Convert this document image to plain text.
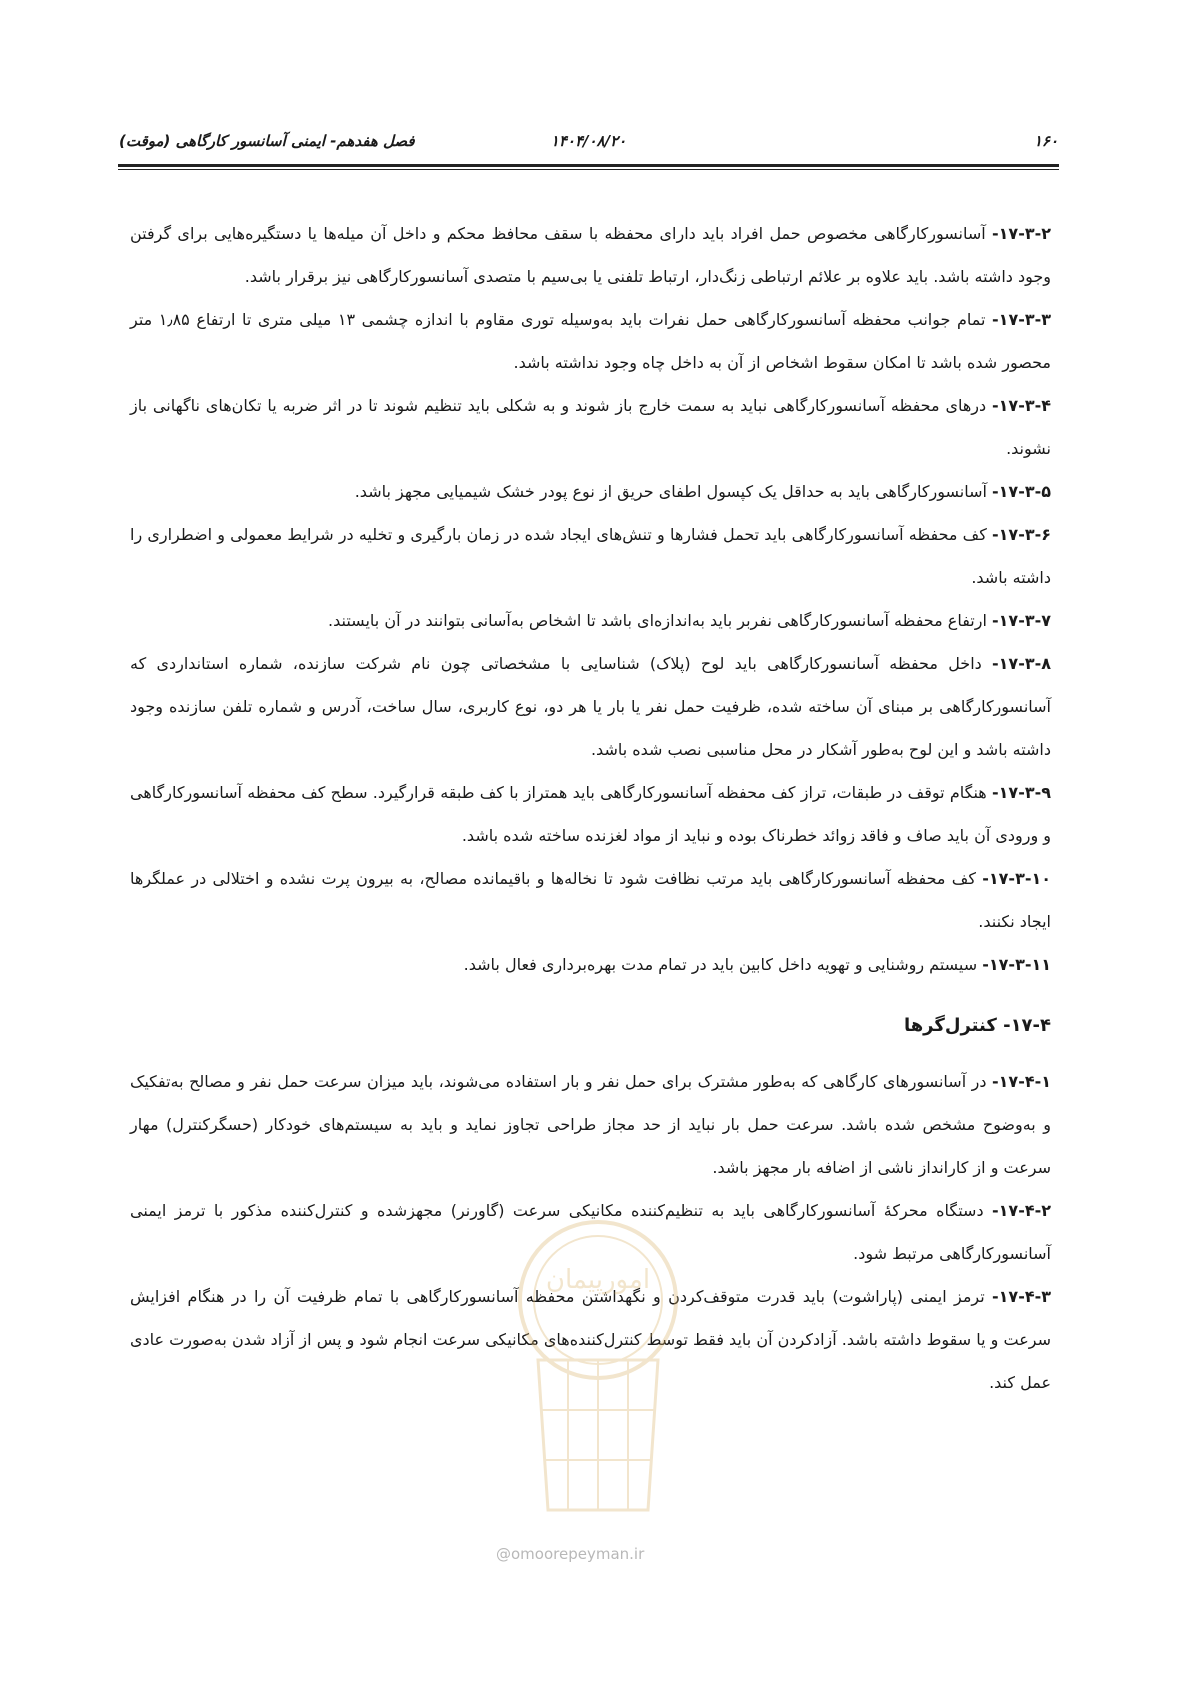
۱۶۰
۱۴۰۴/۰۸/۲۰
فصل هفدهم- ایمنی آسانسور کارگاهی (موقت)

۱۷-۳-۲- آسانسورکارگاهی مخصوص حمل افراد باید دارای محفظه با سقف محافظ محکم و داخل آن میله‌ها یا دستگیره‌هایی برای گرفتن وجود داشته باشد. باید علاوه بر علائم ارتباطی زنگ‌دار، ارتباط تلفنی یا بی‌سیم با متصدی آسانسورکارگاهی نیز برقرار باشد.

۱۷-۳-۳- تمام جوانب محفظه آسانسورکارگاهی حمل نفرات باید به‌وسیله توری مقاوم با اندازه چشمی ۱۳ میلی متری تا ارتفاع ۱٫۸۵ متر محصور شده باشد تا امکان سقوط اشخاص از آن به داخل چاه وجود نداشته باشد.

۱۷-۳-۴- درهای محفظه آسانسورکارگاهی نباید به سمت خارج باز شوند و به شکلی باید تنظیم شوند تا در اثر ضربه یا تکان‌های ناگهانی باز نشوند.

۱۷-۳-۵- آسانسورکارگاهی باید به حداقل یک کپسول اطفای حریق از نوع پودر خشک شیمیایی مجهز باشد.

۱۷-۳-۶- کف محفظه آسانسورکارگاهی باید تحمل فشارها و تنش‌های ایجاد شده در زمان بارگیری و تخلیه در شرایط معمولی و اضطراری را داشته باشد.

۱۷-۳-۷- ارتفاع محفظه آسانسورکارگاهی نفربر باید به‌اندازه‌ای باشد تا اشخاص به‌آسانی بتوانند در آن بایستند.

۱۷-۳-۸- داخل محفظه آسانسورکارگاهی باید لوح (پلاک) شناسایی با مشخصاتی چون نام شرکت سازنده، شماره استانداردی که آسانسورکارگاهی بر مبنای آن ساخته شده، ظرفیت حمل نفر یا بار یا هر دو، نوع کاربری، سال ساخت، آدرس و شماره تلفن سازنده وجود داشته باشد و این لوح به‌طور آشکار در محل مناسبی نصب شده باشد.

۱۷-۳-۹- هنگام توقف در طبقات، تراز کف محفظه آسانسورکارگاهی باید همتراز با کف طبقه قرارگیرد. سطح کف محفظه آسانسورکارگاهی و ورودی آن باید صاف و فاقد زوائد خطرناک بوده و نباید از مواد لغزنده ساخته شده باشد.

۱۷-۳-۱۰- کف محفظه آسانسورکارگاهی باید مرتب نظافت شود تا نخاله‌ها و باقیمانده مصالح، به بیرون پرت نشده و اختلالی در عملگرها ایجاد نکنند.

۱۷-۳-۱۱- سیستم روشنایی و تهویه داخل کابین باید در تمام مدت بهره‌برداری فعال باشد.

۱۷-۴- کنترل‌گرها

۱۷-۴-۱- در آسانسورهای کارگاهی که به‌طور مشترک برای حمل نفر و بار استفاده می‌شوند، باید میزان سرعت حمل نفر و مصالح به‌تفکیک و به‌وضوح مشخص شده باشد. سرعت حمل بار نباید از حد مجاز طراحی تجاوز نماید و باید به سیستم‌های خودکار (حسگرکنترل) مهار سرعت و از کارانداز ناشی از اضافه بار مجهز باشد.

۱۷-۴-۲- دستگاه محرکهٔ آسانسورکارگاهی باید به تنظیم‌کننده مکانیکی سرعت (گاورنر) مجهزشده و کنترل‌کننده مذکور با ترمز ایمنی آسانسورکارگاهی مرتبط شود.

۱۷-۴-۳- ترمز ایمنی (پاراشوت) باید قدرت متوقف‌کردن و نگهداشتن محفظه آسانسورکارگاهی با تمام ظرفیت آن را در هنگام افزایش سرعت و یا سقوط داشته باشد. آزادکردن آن باید فقط توسط کنترل‌کننده‌های مکانیکی سرعت انجام شود و پس از آزاد شدن به‌صورت عادی عمل کند.

امورپیمان
@omoorepeyman.ir
